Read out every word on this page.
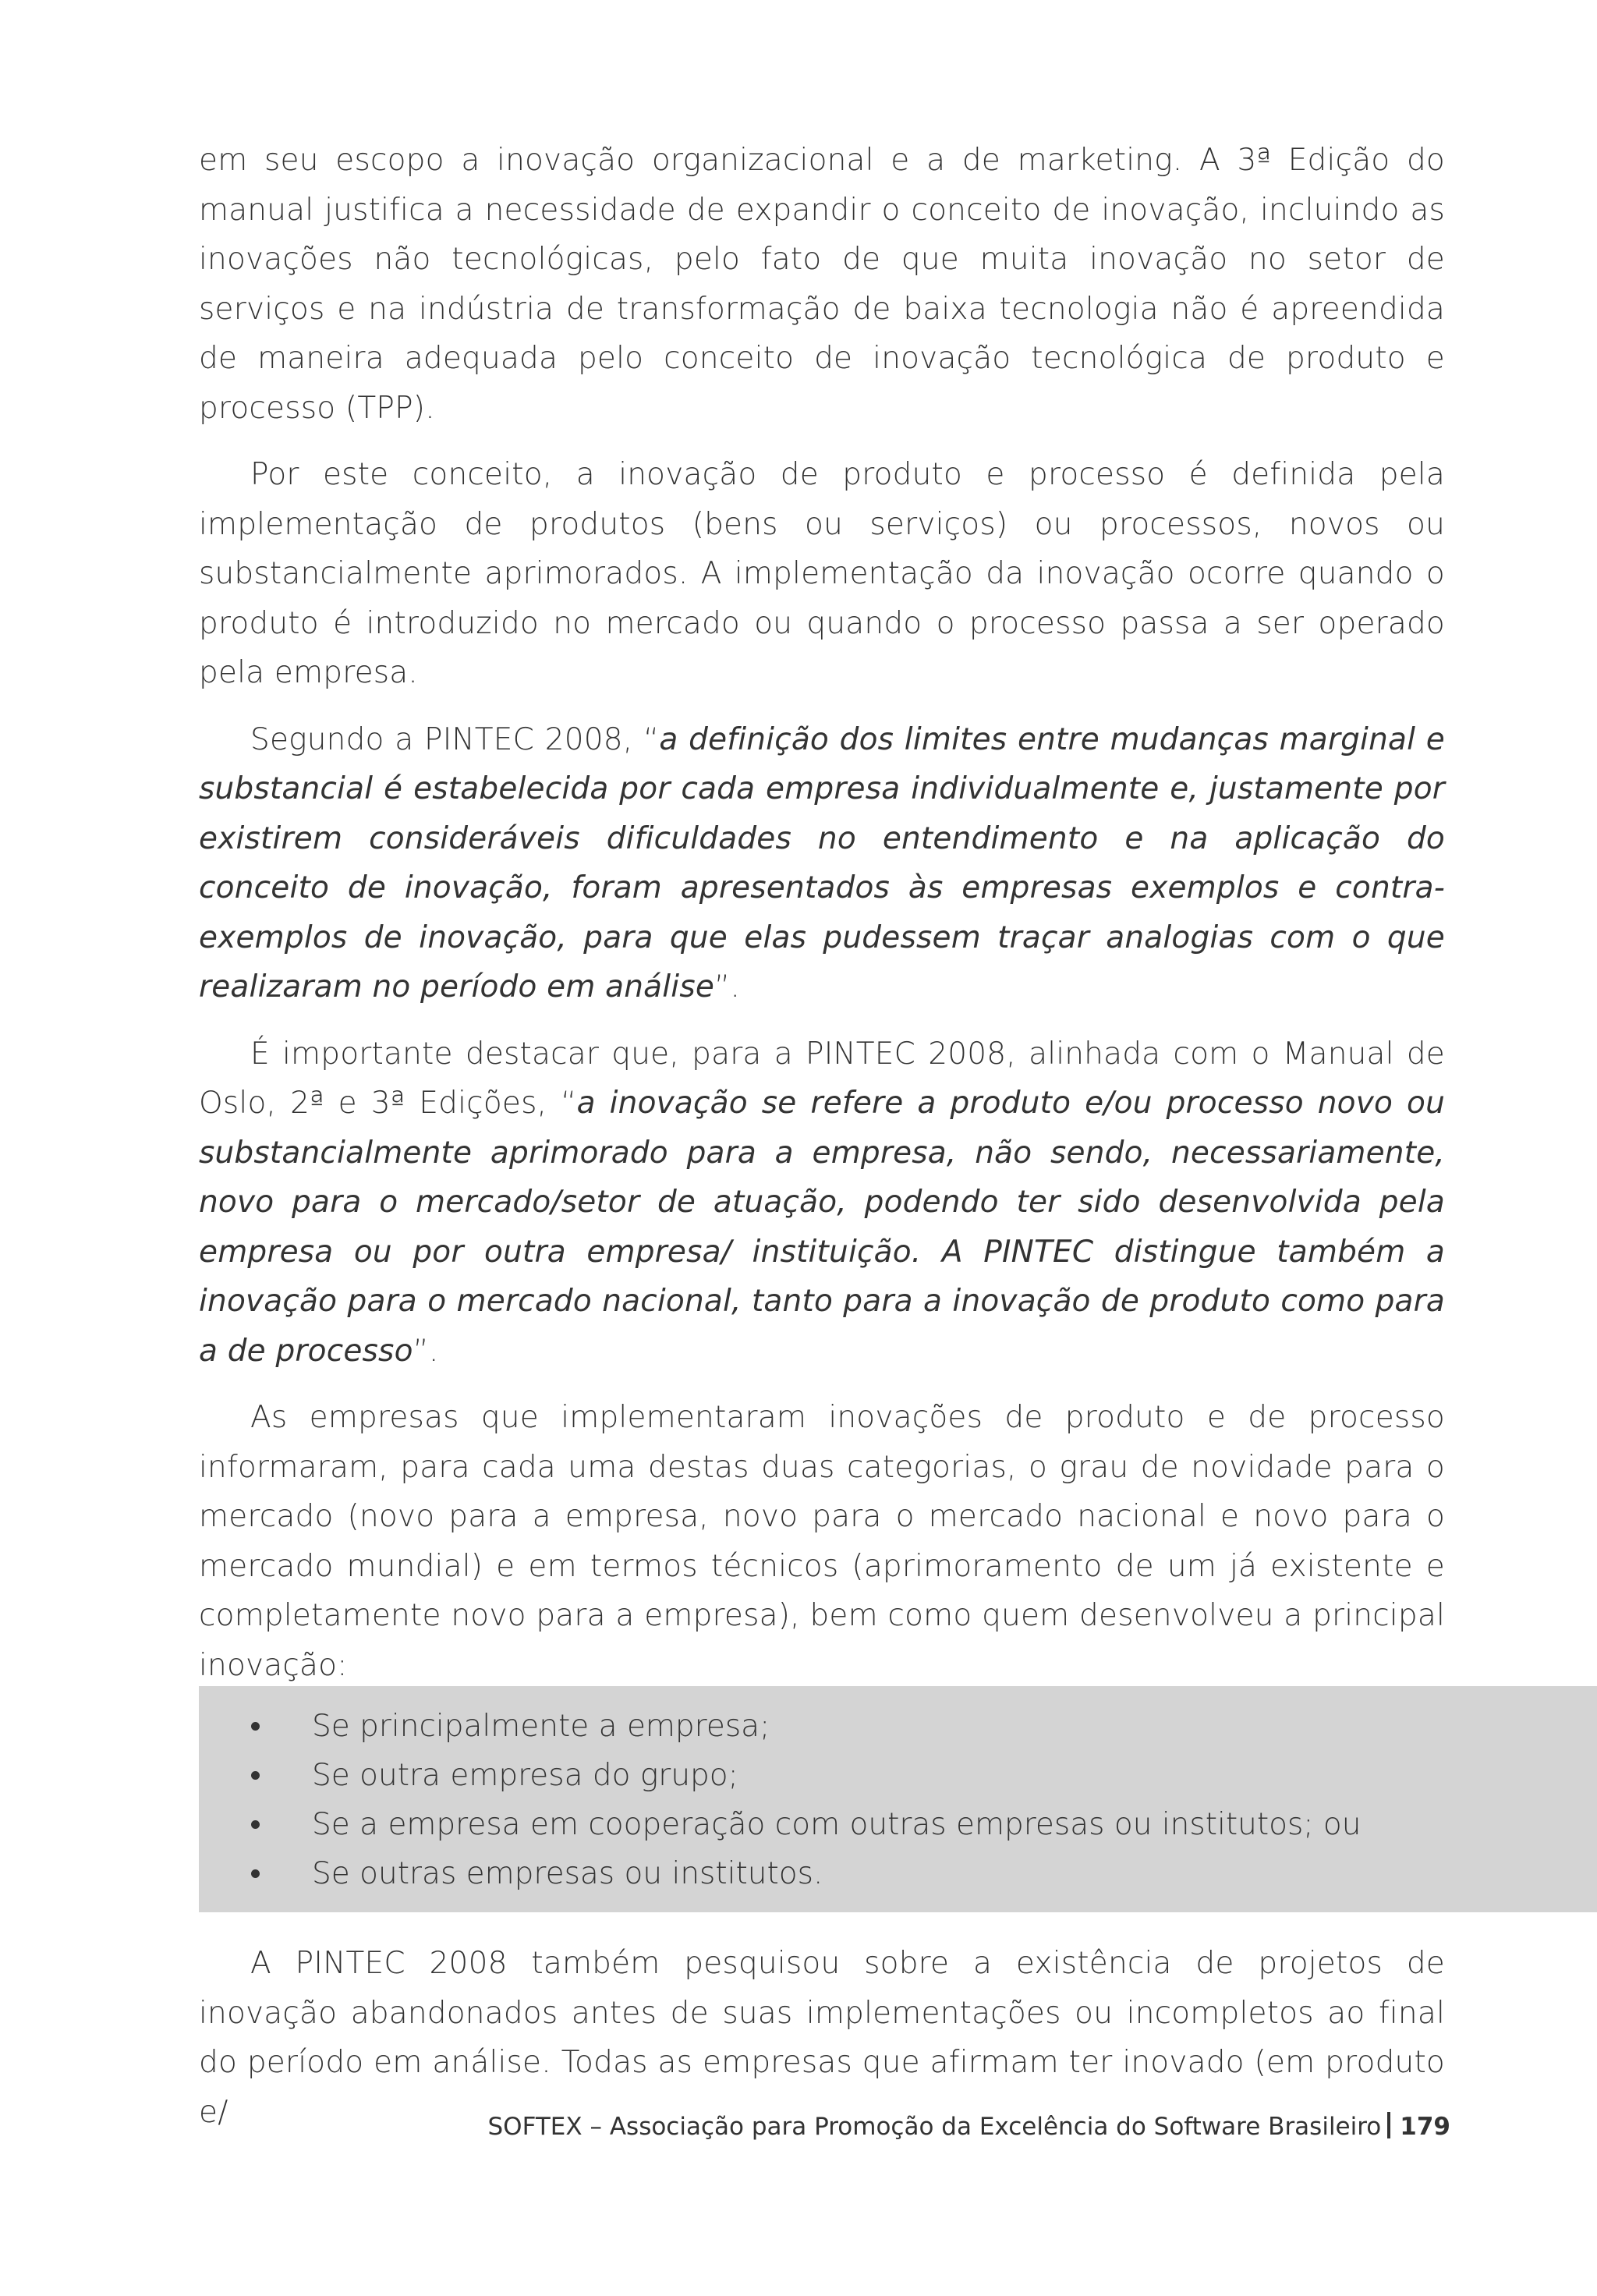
em seu escopo a inovação organizacional e a de marketing. A 3ª Edição do manual justifica a necessidade de expandir o conceito de inovação, incluindo as inovações não tecnológicas, pelo fato de que muita inovação no setor de serviços e na indústria de transformação de baixa tecnologia não é apreendida de maneira adequada pelo conceito de inovação tecnológica de produto e processo (TPP).

Por este conceito, a inovação de produto e processo é definida pela implementação de produtos (bens ou serviços) ou processos, novos ou substancialmente aprimorados. A implementação da inovação ocorre quando o produto é introduzido no mercado ou quando o processo passa a ser operado pela empresa.

Segundo a PINTEC 2008, “a definição dos limites entre mudanças marginal e substancial é estabelecida por cada empresa individualmente e, justamente por existirem consideráveis dificuldades no entendimento e na aplicação do conceito de inovação, foram apresentados às empresas exemplos e contra-exemplos de inovação, para que elas pudessem traçar analogias com o que realizaram no período em análise”.

É importante destacar que, para a PINTEC 2008, alinhada com o Manual de Oslo, 2ª e 3ª Edições, “a inovação se refere a produto e/ou processo novo ou substancialmente aprimorado para a empresa, não sendo, necessariamente, novo para o mercado/setor de atuação, podendo ter sido desenvolvida pela empresa ou por outra empresa/ instituição. A PINTEC distingue também a inovação para o mercado nacional, tanto para a inovação de produto como para a de processo”.

As empresas que implementaram inovações de produto e de processo informaram, para cada uma destas duas categorias, o grau de novidade para o mercado (novo para a empresa, novo para o mercado nacional e novo para o mercado mundial) e em termos técnicos (aprimoramento de um já existente e completamente novo para a empresa), bem como quem desenvolveu a principal inovação:

Se principalmente a empresa;
Se outra empresa do grupo;
Se a empresa em cooperação com outras empresas ou institutos; ou
Se outras empresas ou institutos.

A PINTEC 2008 também pesquisou sobre a existência de projetos de inovação abandonados antes de suas implementações ou incompletos ao final do período em análise. Todas as empresas que afirmam ter inovado (em produto e/	SOFTEX – Associação para Promoção da Excelência do Software Brasileiro 179
